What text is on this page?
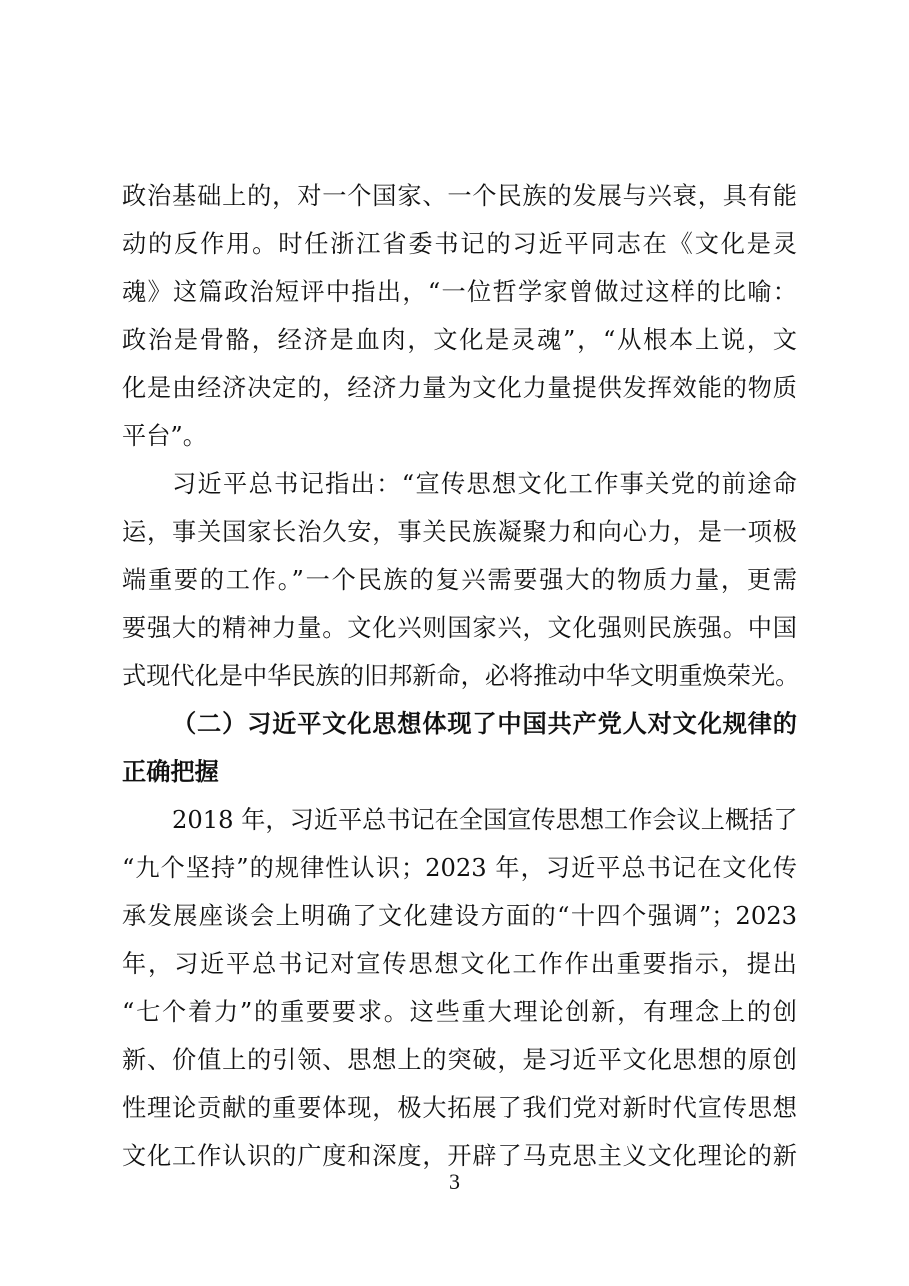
政治基础上的，对一个国家、一个民族的发展与兴衰，具有能
动的反作用。时任浙江省委书记的习近平同志在《文化是灵
魂》这篇政治短评中指出，“一位哲学家曾做过这样的比喻：
政治是骨骼，经济是血肉，文化是灵魂”，“从根本上说，文
化是由经济决定的，经济力量为文化力量提供发挥效能的物质
平台”。
习近平总书记指出：“宣传思想文化工作事关党的前途命
运，事关国家长治久安，事关民族凝聚力和向心力，是一项极
端重要的工作。”一个民族的复兴需要强大的物质力量，更需
要强大的精神力量。文化兴则国家兴，文化强则民族强。中国
式现代化是中华民族的旧邦新命，必将推动中华文明重焕荣光。
（二）习近平文化思想体现了中国共产党人对文化规律的
正确把握
2018 年，习近平总书记在全国宣传思想工作会议上概括了
“九个坚持”的规律性认识；2023 年，习近平总书记在文化传
承发展座谈会上明确了文化建设方面的“十四个强调”；2023
年，习近平总书记对宣传思想文化工作作出重要指示，提出
“七个着力”的重要要求。这些重大理论创新，有理念上的创
新、价值上的引领、思想上的突破，是习近平文化思想的原创
性理论贡献的重要体现，极大拓展了我们党对新时代宣传思想
文化工作认识的广度和深度，开辟了马克思主义文化理论的新
3
